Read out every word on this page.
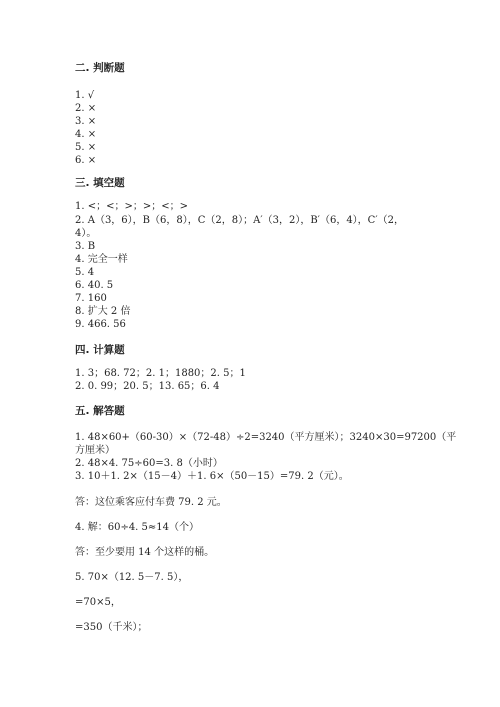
二. 判断题
1. √
2. ×
3. ×
4. ×
5. ×
6. ×
三. 填空题
1. <；<；>；>；<；>
2. A（3，6），B（6，8），C（2，8）；A′（3，2），B′（6，4），C′（2，
4）。
3. B
4. 完全一样
5. 4
6. 40. 5
7. 160
8. 扩大 2 倍
9. 466. 56
四. 计算题
1. 3；68. 72；2. 1；1880；2. 5；1
2. 0. 99；20. 5；13. 65；6. 4
五. 解答题
1. 48×60+（60-30）×（72-48）÷2=3240（平方厘米）；3240×30=97200（平
方厘米）
2. 48×4. 75÷60=3. 8（小时）
3. 10＋1. 2×（15－4）＋1. 6×（50－15）=79. 2（元）。
答：这位乘客应付车费 79. 2 元。
4. 解：60÷4. 5≈14（个）
答：至少要用 14 个这样的桶。
5. 70×（12. 5－7. 5），
=70×5，
=350（千米）；
